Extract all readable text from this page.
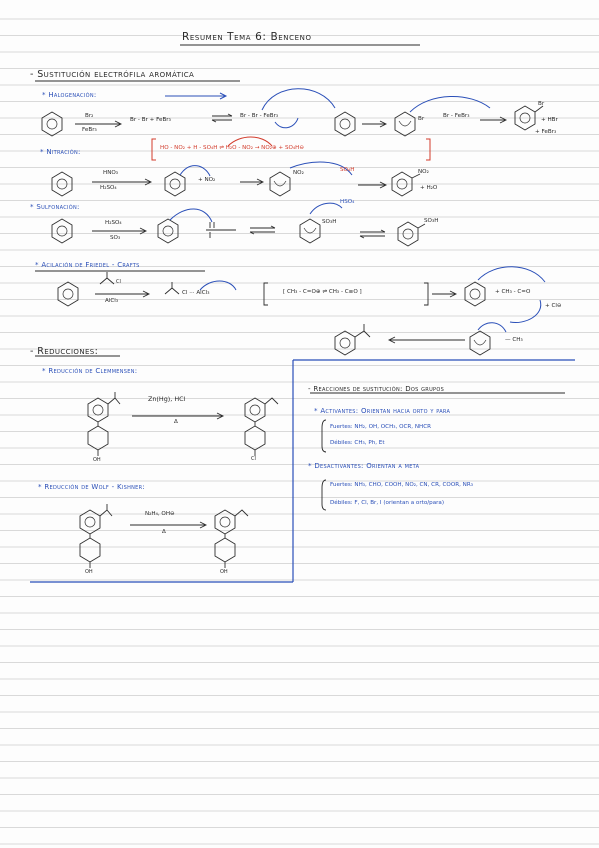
Resumen Tema 6: Benceno
- Sustitución electrófila aromática
* Halogenación:
Br₂
FeBr₃
Br - Br + FeBr₃
Br - Br - FeBr₃	Br	Br - FeBr₃
Br
+ HBr
+ FeBr₃
* Nitración:	HO - NO₂ + H - SO₄H ⇌ H₂O - NO₂ → NO₂⊕ + SO₄H⊖
HNO₃
H₂SO₄
+ NO₂
NO₂	SO₄H	NO₂
+ H₂O
* Sulfonación:
H₂SO₄
SO₃
HSO₄
SO₃H	SO₃H
* Acilación de Friedel - Crafts
Cl
AlCl₃
Cl ··· AlCl₃	[ CH₃ - C=O⊕ ⇌ CH₃ - C≡O ]	+ CH₃ - C=O
+ Cl⊖
— CH₃
- Reducciones:
* Reducción de Clemmensen:
Zn(Hg), HCl
Δ
OH	Cl
* Reducción de Wolf - Kishner:
N₂H₄, OH⊖
Δ
OH	OH
- Reacciones de sustitución: Dos grupos
* Activantes: Orientan hacia orto y para
Fuertes: NH₂, OH, OCH₃, OCR, NHCR
Débiles: CH₃, Ph, Et
* Desactivantes: Orientan a meta
Fuertes: NH₃, CHO, COOH, NO₂, CN, CR, COOR, NR₃
Débiles: F, Cl, Br, I (orientan a orto/para)
